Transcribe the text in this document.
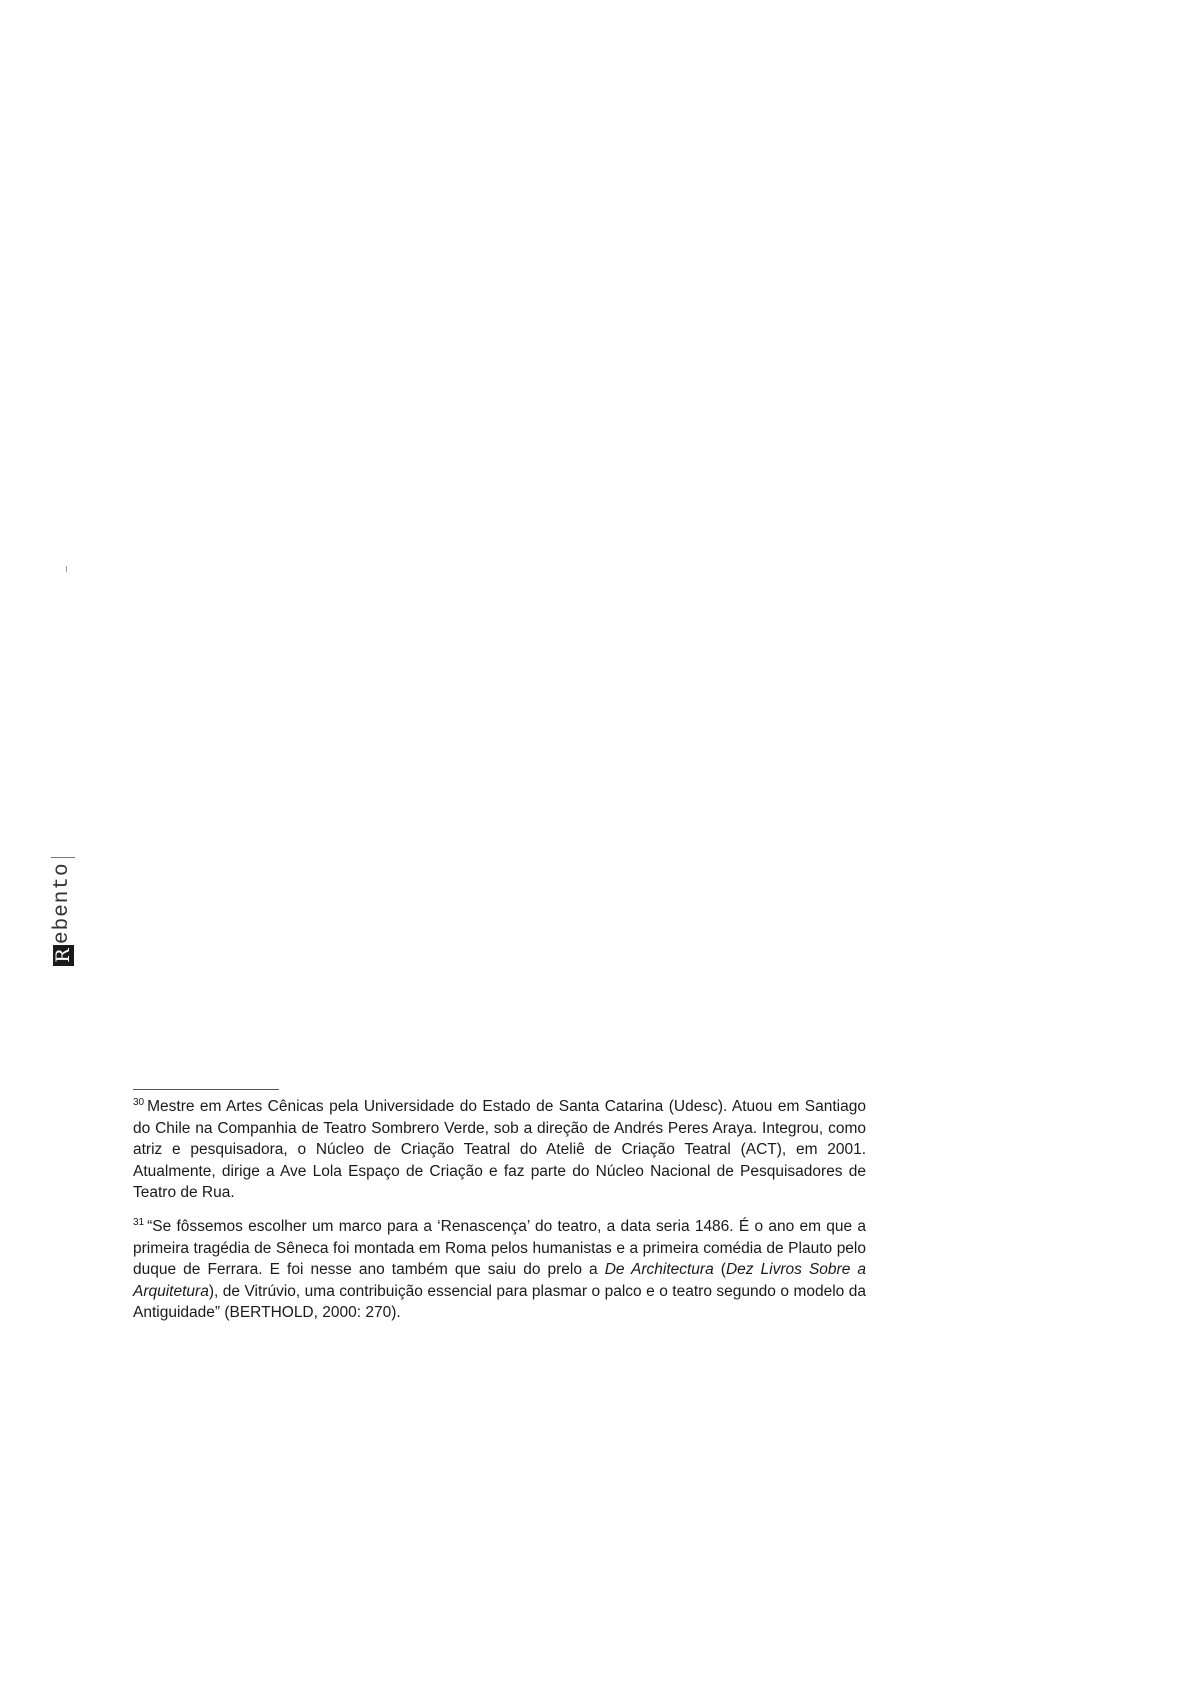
R
ebento

$^{30}$ Mestre em Artes Cênicas pela Universidade do Estado de Santa Catarina (Udesc). Atuou em Santiago do Chile na Companhia de Teatro Sombrero Verde, sob a direção de Andrés Peres Araya. Integrou, como atriz e pesquisadora, o Núcleo de Criação Teatral do Ateliê de Criação Teatral (ACT), em 2001. Atualmente, dirige a Ave Lola Espaço de Criação e faz parte do Núcleo Nacional de Pesquisadores de Teatro de Rua.

$^{31}$ “Se fôssemos escolher um marco para a ‘Renascença’ do teatro, a data seria 1486. É o ano em que a primeira tragédia de Sêneca foi montada em Roma pelos humanistas e a primeira comédia de Plauto pelo duque de Ferrara. E foi nesse ano também que saiu do prelo a De Architectura (Dez Livros Sobre a Arquitetura), de Vitrúvio, uma contribuição essencial para plasmar o palco e o teatro segundo o modelo da Antiguidade” (BERTHOLD, 2000: 270).
